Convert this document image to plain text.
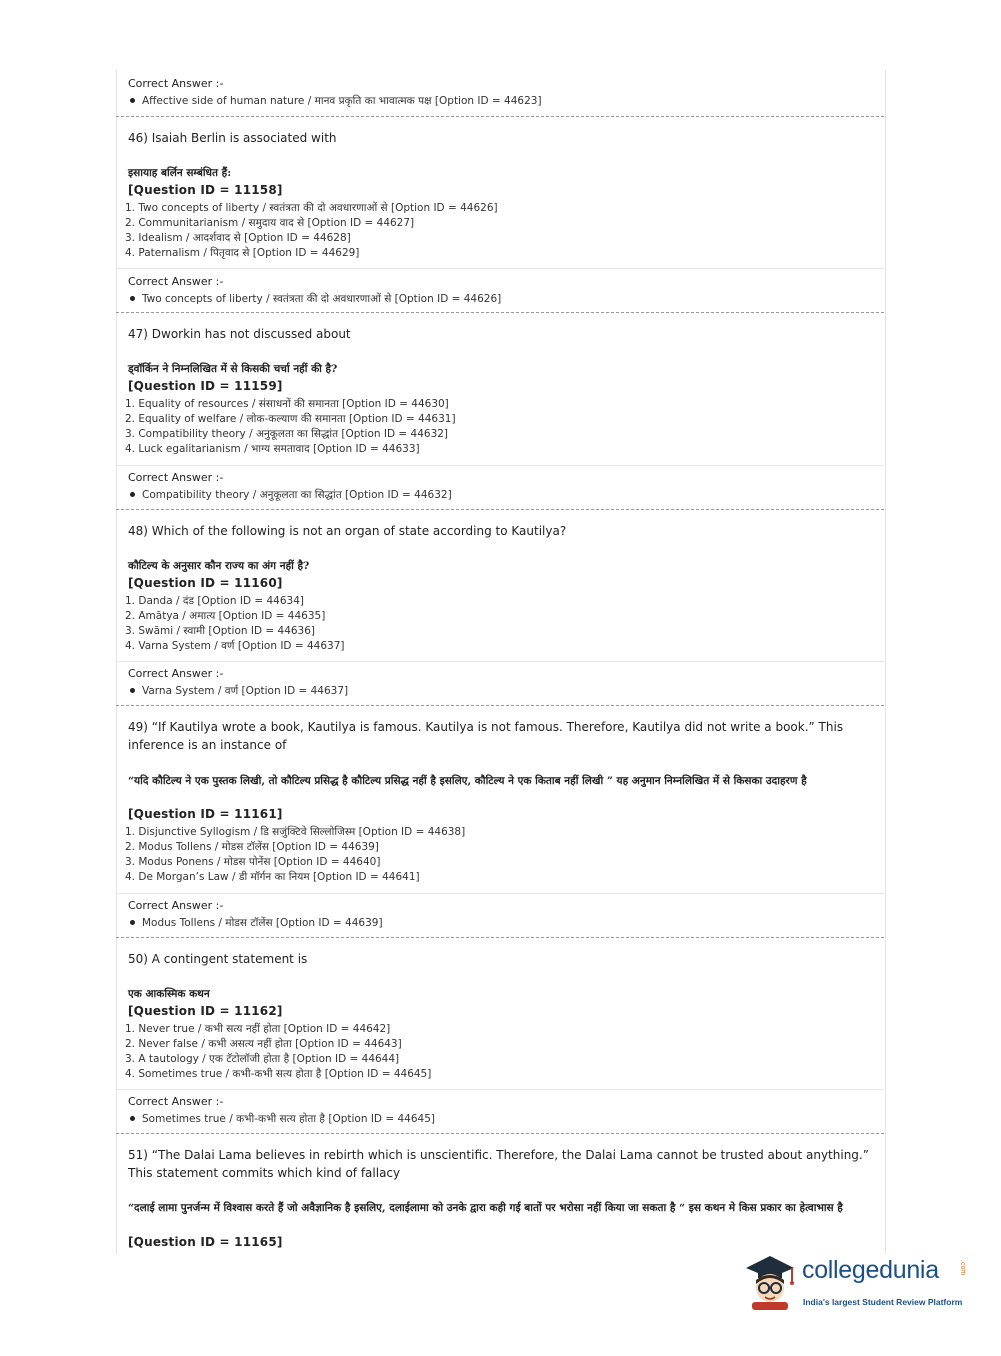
Correct Answer :-
Affective side of human nature / मानव प्रकृति का भावात्मक पक्ष [Option ID = 44623]
46) Isaiah Berlin is associated with
इसायाह बर्लिन सम्बंधित हैं:
[Question ID = 11158]
1. Two concepts of liberty / स्वतंत्रता की दो अवधारणाओं से [Option ID = 44626]
2. Communitarianism / समुदाय वाद से [Option ID = 44627]
3. Idealism / आदर्शवाद से [Option ID = 44628]
4. Paternalism / पितृवाद से [Option ID = 44629]
Correct Answer :-
Two concepts of liberty / स्वतंत्रता की दो अवधारणाओं से [Option ID = 44626]
47) Dworkin has not discussed about
ड्वॉर्किन ने निम्नलिखित में से किसकी चर्चा नहीं की है?
[Question ID = 11159]
1. Equality of resources / संसाधनों की समानता [Option ID = 44630]
2. Equality of welfare / लोक-कल्याण की समानता [Option ID = 44631]
3. Compatibility theory / अनुकूलता का सिद्धांत [Option ID = 44632]
4. Luck egalitarianism / भाग्य समतावाद [Option ID = 44633]
Correct Answer :-
Compatibility theory / अनुकूलता का सिद्धांत [Option ID = 44632]
48) Which of the following is not an organ of state according to Kautilya?
कौटिल्य के अनुसार कौन राज्य का अंग नहीं है?
[Question ID = 11160]
1. Danda / दंड [Option ID = 44634]
2. Amātya / अमात्य [Option ID = 44635]
3. Swāmi / स्वामी [Option ID = 44636]
4. Varna System / वर्ण [Option ID = 44637]
Correct Answer :-
Varna System / वर्ण [Option ID = 44637]
49) “If Kautilya wrote a book, Kautilya is famous. Kautilya is not famous. Therefore, Kautilya did not write a book.” This inference is an instance of
“यदि कौटिल्य ने एक पुस्तक लिखी, तो कौटिल्य प्रसिद्ध है कौटिल्य प्रसिद्ध नहीं है इसलिए, कौटिल्य ने एक किताब नहीं लिखी ” यह अनुमान निम्नलिखित में से किसका उदाहरण है
[Question ID = 11161]
1. Disjunctive Syllogism / डि सजुंक्टिवे सिल्लोजिस्म [Option ID = 44638]
2. Modus Tollens / मोडस टॉलेंस [Option ID = 44639]
3. Modus Ponens / मोडस पोनेंस [Option ID = 44640]
4. De Morgan’s Law / डी मॉर्गन का नियम [Option ID = 44641]
Correct Answer :-
Modus Tollens / मोडस टॉलेंस [Option ID = 44639]
50) A contingent statement is
एक आकस्मिक कथन
[Question ID = 11162]
1. Never true / कभी सत्य नहीं होता [Option ID = 44642]
2. Never false / कभी असत्य नहीं होता [Option ID = 44643]
3. A tautology / एक टॅटोलॉजी होता है [Option ID = 44644]
4. Sometimes true / कभी-कभी सत्य होता है [Option ID = 44645]
Correct Answer :-
Sometimes true / कभी-कभी सत्य होता है [Option ID = 44645]
51) “The Dalai Lama believes in rebirth which is unscientific. Therefore, the Dalai Lama cannot be trusted about anything.” This statement commits which kind of fallacy
“दलाई लामा पुनर्जन्म में विश्वास करते हैं जो अवैज्ञानिक है इसलिए, दलाईलामा को उनके द्वारा कही गई बातों पर भरोसा नहीं किया जा सकता है “ इस कथन मे किस प्रकार का हेत्वाभास है
[Question ID = 11165]
collegedunia	.com
India's largest Student Review Platform
